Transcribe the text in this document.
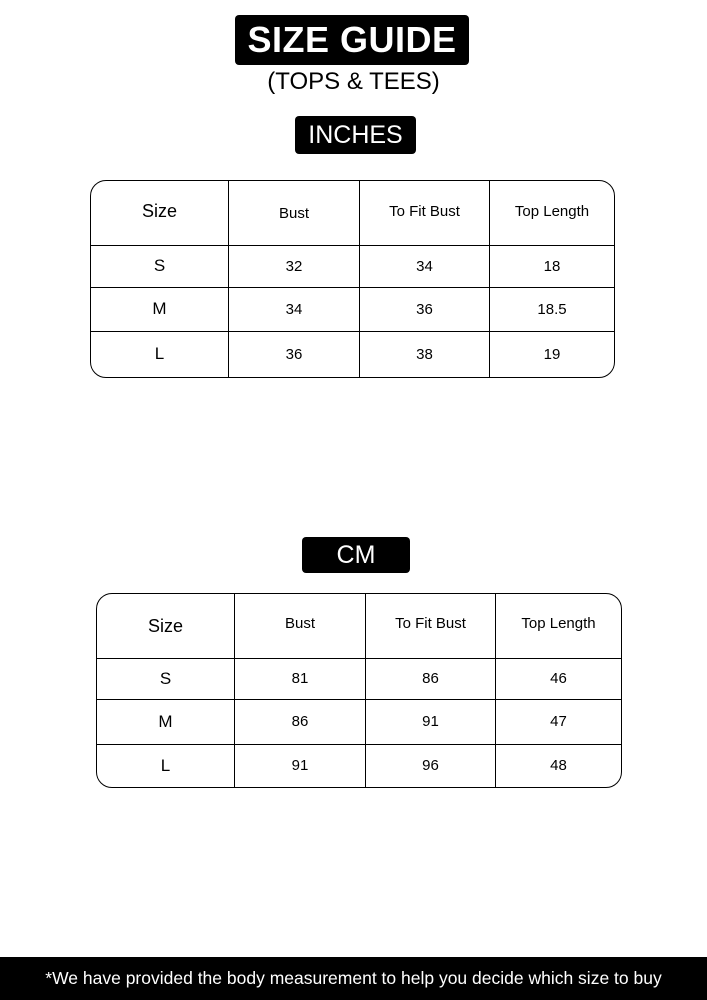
SIZE GUIDE
(TOPS & TEES)
INCHES
Size	Bust	To Fit Bust	Top Length
S	32	34	18
M	34	36	18.5
L	36	38	19
CM
Size	Bust	To Fit Bust	Top Length
S	81	86	46
M	86	91	47
L	91	96	48
*We have provided the body measurement to help you decide which size to buy
